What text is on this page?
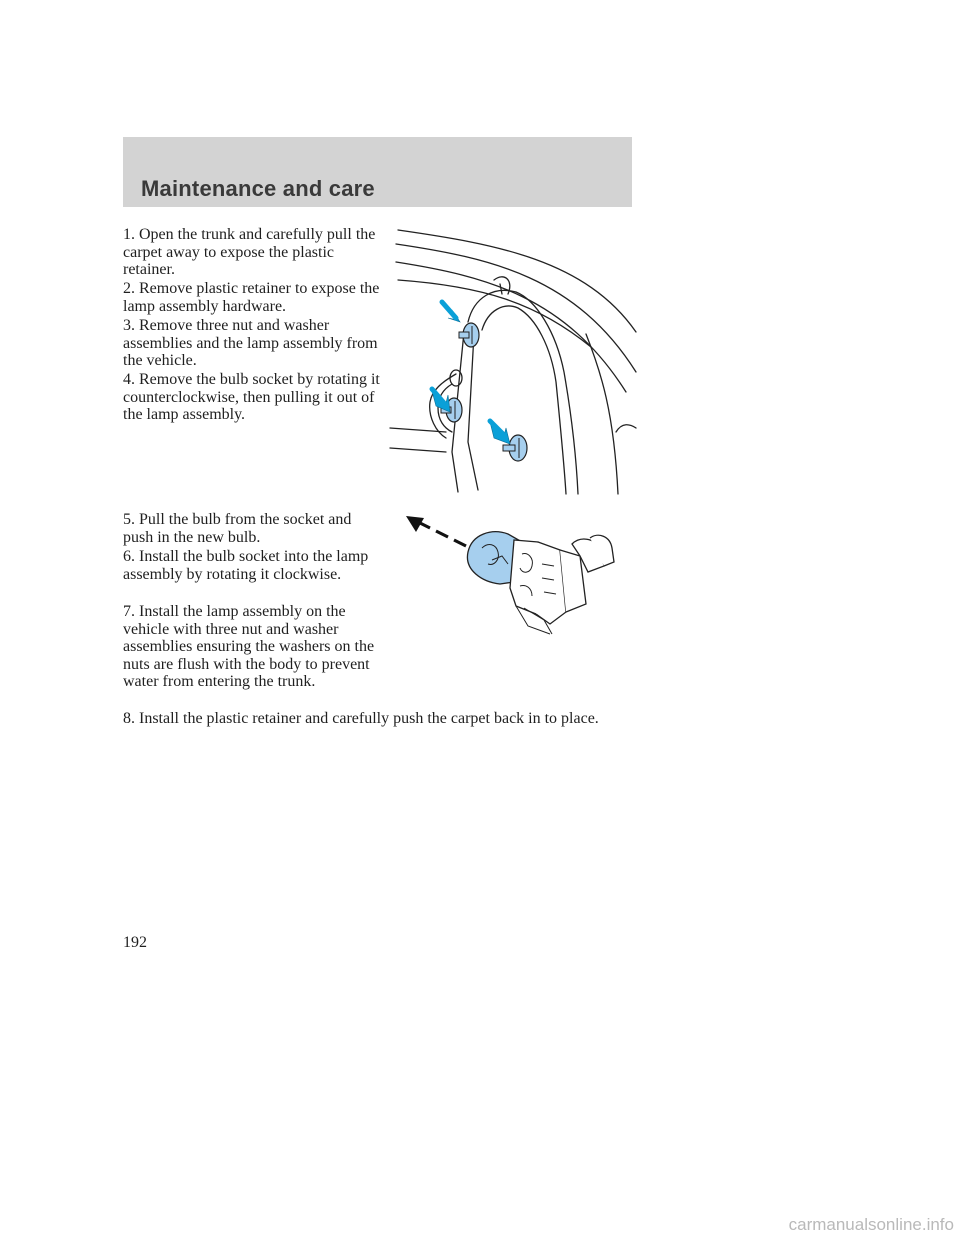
Maintenance and care

1. Open the trunk and carefully pull the carpet away to expose the plastic retainer.

2. Remove plastic retainer to expose the lamp assembly hardware.

3. Remove three nut and washer assemblies and the lamp assembly from the vehicle.

4. Remove the bulb socket by rotating it counterclockwise, then pulling it out of the lamp assembly.

5. Pull the bulb from the socket and push in the new bulb.

6. Install the bulb socket into the lamp assembly by rotating it clockwise.

7. Install the lamp assembly on the vehicle with three nut and washer assemblies ensuring the washers on the nuts are flush with the body to prevent water from entering the trunk.

8. Install the plastic retainer and carefully push the carpet back in to place.

192
carmanualsonline.info
